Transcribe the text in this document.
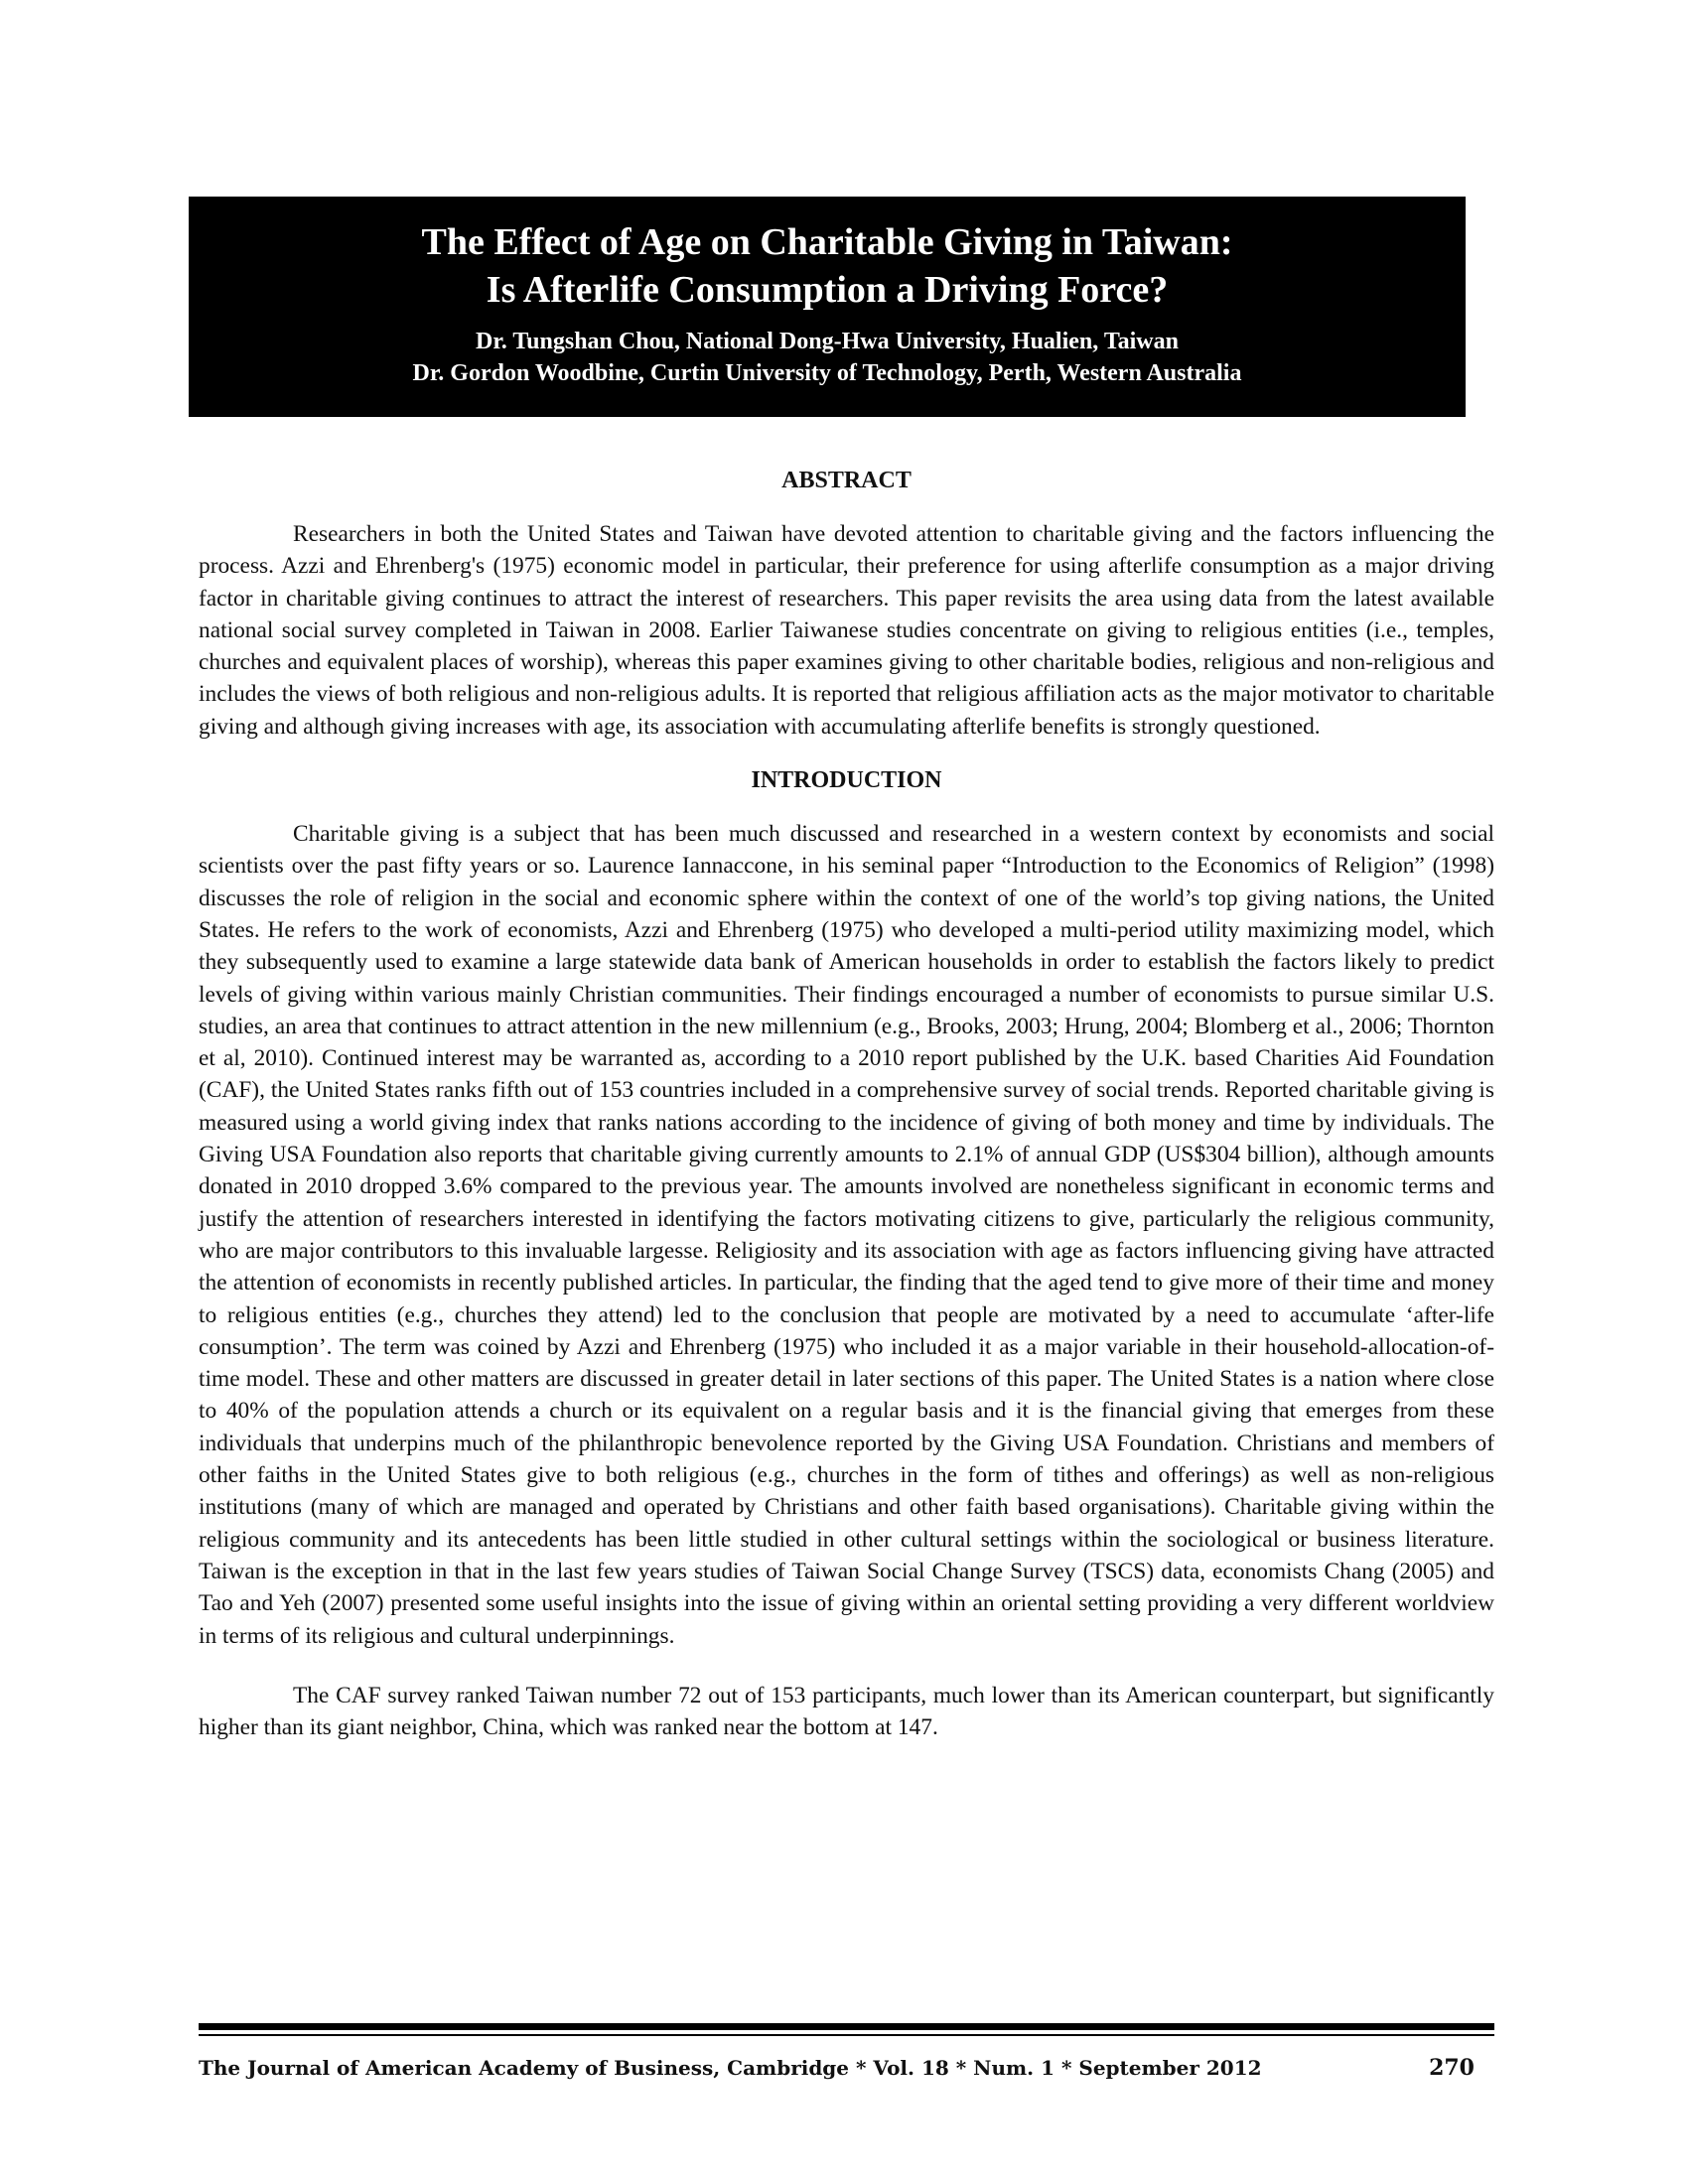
The Effect of Age on Charitable Giving in Taiwan:

Is Afterlife Consumption a Driving Force?

Dr. Tungshan Chou, National Dong-Hwa University, Hualien, Taiwan

Dr. Gordon Woodbine, Curtin University of Technology, Perth, Western Australia

ABSTRACT

Researchers in both the United States and Taiwan have devoted attention to charitable giving and the factors influencing the process. Azzi and Ehrenberg's (1975) economic model in particular, their preference for using afterlife consumption as a major driving factor in charitable giving continues to attract the interest of researchers. This paper revisits the area using data from the latest available national social survey completed in Taiwan in 2008. Earlier Taiwanese studies concentrate on giving to religious entities (i.e., temples, churches and equivalent places of worship), whereas this paper examines giving to other charitable bodies, religious and non-religious and includes the views of both religious and non-religious adults. It is reported that religious affiliation acts as the major motivator to charitable giving and although giving increases with age, its association with accumulating afterlife benefits is strongly questioned.

INTRODUCTION

Charitable giving is a subject that has been much discussed and researched in a western context by economists and social scientists over the past fifty years or so. Laurence Iannaccone, in his seminal paper “Introduction to the Economics of Religion” (1998) discusses the role of religion in the social and economic sphere within the context of one of the world’s top giving nations, the United States. He refers to the work of economists, Azzi and Ehrenberg (1975) who developed a multi-period utility maximizing model, which they subsequently used to examine a large statewide data bank of American households in order to establish the factors likely to predict levels of giving within various mainly Christian communities. Their findings encouraged a number of economists to pursue similar U.S. studies, an area that continues to attract attention in the new millennium (e.g., Brooks, 2003; Hrung, 2004; Blomberg et al., 2006; Thornton et al, 2010). Continued interest may be warranted as, according to a 2010 report published by the U.K. based Charities Aid Foundation (CAF), the United States ranks fifth out of 153 countries included in a comprehensive survey of social trends. Reported charitable giving is measured using a world giving index that ranks nations according to the incidence of giving of both money and time by individuals. The Giving USA Foundation also reports that charitable giving currently amounts to 2.1% of annual GDP (US$304 billion), although amounts donated in 2010 dropped 3.6% compared to the previous year. The amounts involved are nonetheless significant in economic terms and justify the attention of researchers interested in identifying the factors motivating citizens to give, particularly the religious community, who are major contributors to this invaluable largesse. Religiosity and its association with age as factors influencing giving have attracted the attention of economists in recently published articles. In particular, the finding that the aged tend to give more of their time and money to religious entities (e.g., churches they attend) led to the conclusion that people are motivated by a need to accumulate ‘after-life consumption’. The term was coined by Azzi and Ehrenberg (1975) who included it as a major variable in their household-allocation-of-time model. These and other matters are discussed in greater detail in later sections of this paper. The United States is a nation where close to 40% of the population attends a church or its equivalent on a regular basis and it is the financial giving that emerges from these individuals that underpins much of the philanthropic benevolence reported by the Giving USA Foundation. Christians and members of other faiths in the United States give to both religious (e.g., churches in the form of tithes and offerings) as well as non-religious institutions (many of which are managed and operated by Christians and other faith based organisations). Charitable giving within the religious community and its antecedents has been little studied in other cultural settings within the sociological or business literature. Taiwan is the exception in that in the last few years studies of Taiwan Social Change Survey (TSCS) data, economists Chang (2005) and Tao and Yeh (2007) presented some useful insights into the issue of giving within an oriental setting providing a very different worldview in terms of its religious and cultural underpinnings.

The CAF survey ranked Taiwan number 72 out of 153 participants, much lower than its American counterpart, but significantly higher than its giant neighbor, China, which was ranked near the bottom at 147.

The Journal of American Academy of Business, Cambridge * Vol. 18 * Num. 1 * September 2012	270
